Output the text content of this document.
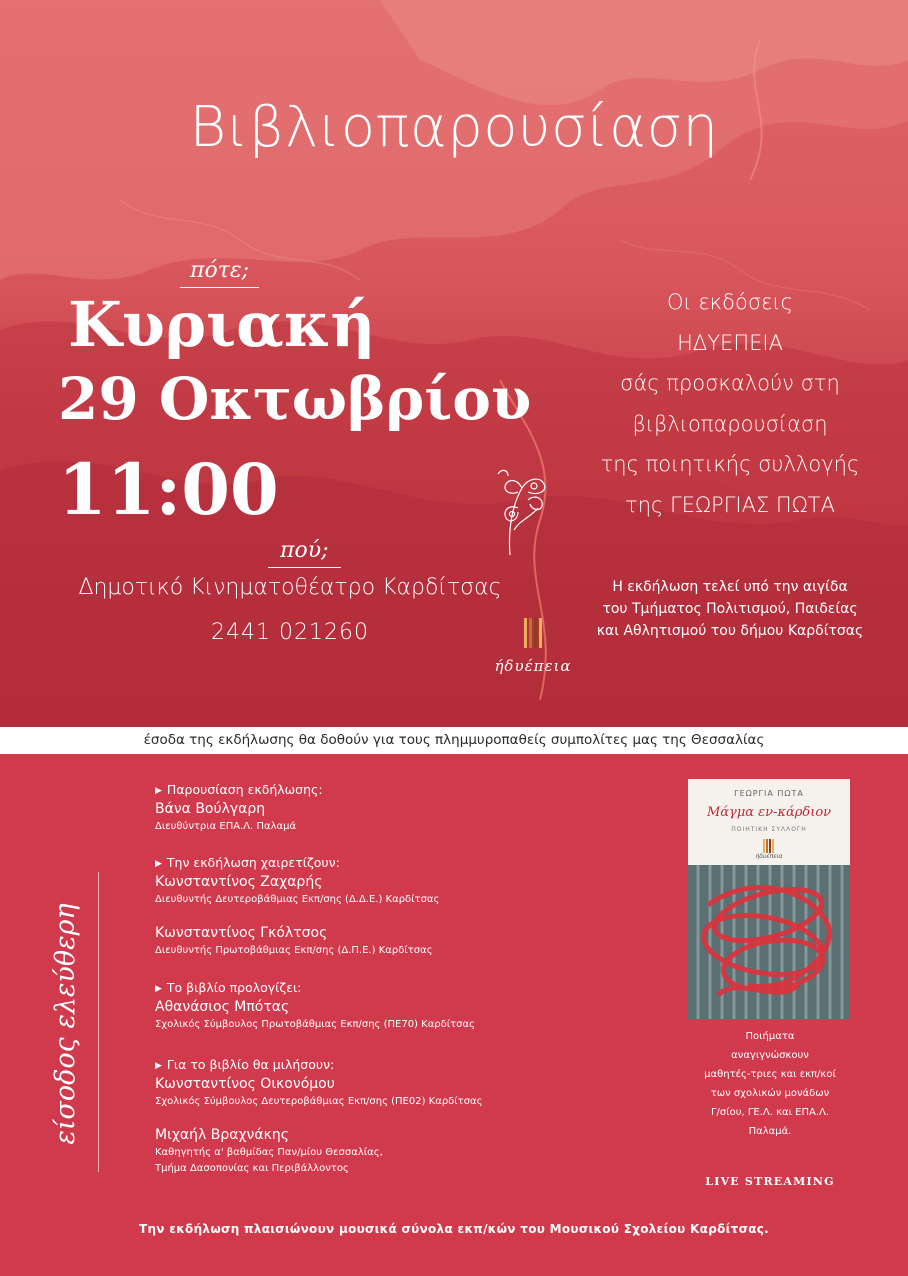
Βιβλιοπαρουσίαση
πότε;
Κυριακή
29 Οκτωβρίου
11:00
πού;
Δημοτικό Κινηματοθέατρο Καρδίτσας
2441 021260
Οι εκδόσεις
ΗΔΥΕΠΕΙΑ
σάς προσκαλούν στη
βιβλιοπαρουσίαση
της ποιητικής συλλογής
της ΓΕΩΡΓΙΑΣ ΠΩΤΑ
Η εκδήλωση τελεί υπό την αιγίδα
του Τμήματος Πολιτισμού, Παιδείας
και Αθλητισμού του δήμου Καρδίτσας
ήδυέπεια
έσοδα της εκδήλωσης θα δοθούν για τους πλημμυροπαθείς συμπολίτες μας της Θεσσαλίας
είσοδος ελεύθερη
▶ Παρουσίαση εκδήλωσης:
Βάνα Βούλγαρη
Διευθύντρια ΕΠΑ.Λ. Παλαμά
▶ Την εκδήλωση χαιρετίζουν:
Κωνσταντίνος Ζαχαρής
Διευθυντής Δευτεροβάθμιας Εκπ/σης (Δ.Δ.Ε.) Καρδίτσας
Κωνσταντίνος Γκόλτσος
Διευθυντής Πρωτοβάθμιας Εκπ/σης (Δ.Π.Ε.) Καρδίτσας
▶ Το βιβλίο προλογίζει:
Αθανάσιος Μπότας
Σχολικός Σύμβουλος Πρωτοβάθμιας Εκπ/σης (ΠΕ70) Καρδίτσας
▶ Για το βιβλίο θα μιλήσουν:
Κωνσταντίνος Οικονόμου
Σχολικός Σύμβουλος Δευτεροβάθμιας Εκπ/σης (ΠΕ02) Καρδίτσας
Μιχαήλ Βραχνάκης
Καθηγητής α' βαθμίδας Παν/μίου Θεσσαλίας,
Τμήμα Δασοπονίας και Περιβάλλοντος
ΓΕΩΡΓΙΑ ΠΩΤΑ
Μάγμα εν-κάρδιον
ΠΟΙΗΤΙΚΗ ΣΥΛΛΟΓΗ
ήδυέπεια
Ποιήματα
αναγιγνώσκουν
μαθητές-τριες και εκπ/κοί
των σχολικών μονάδων
Γ/σίου, ΓΕ.Λ. και ΕΠΑ.Λ.
Παλαμά.
LIVE STREAMING
Την εκδήλωση πλαισιώνουν μουσικά σύνολα εκπ/κών του Μουσικού Σχολείου Καρδίτσας.
